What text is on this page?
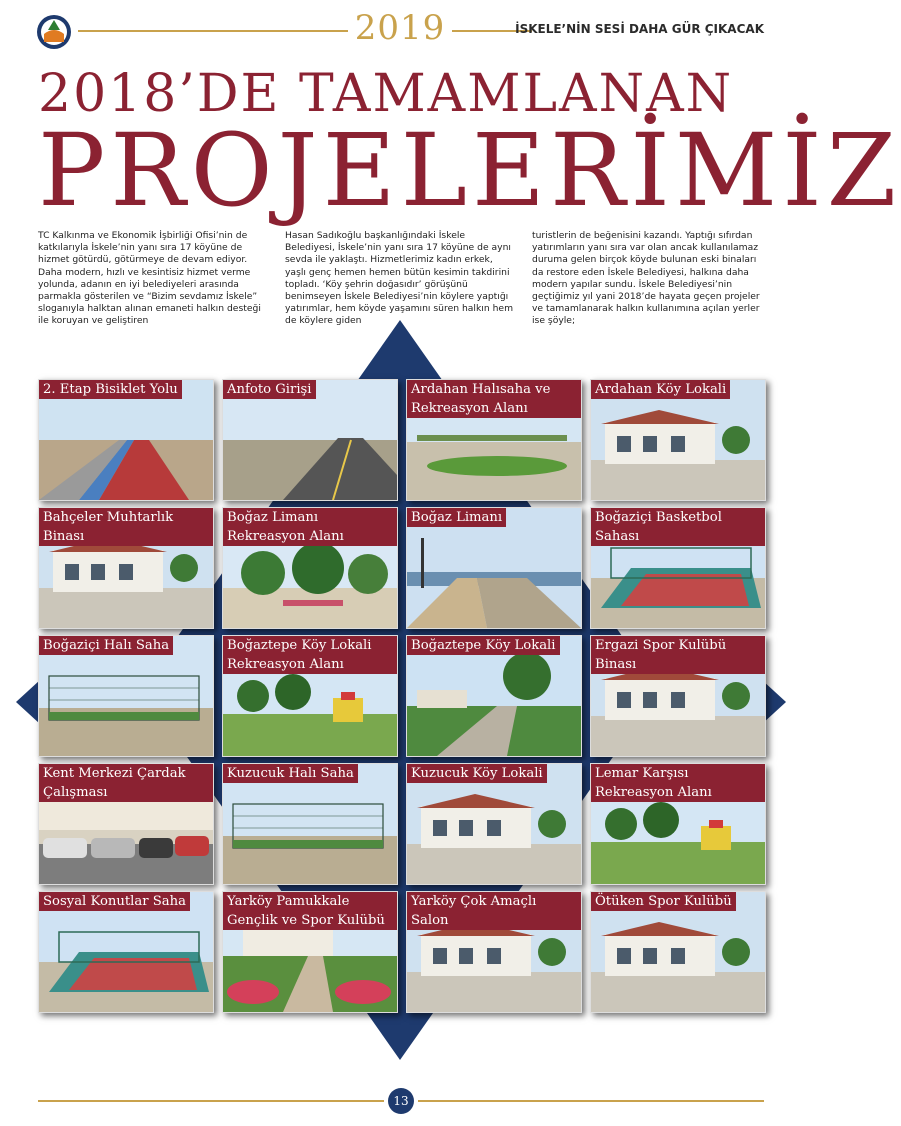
2019	İSKELE’NİN SESİ DAHA GÜR ÇIKACAK
2018’DE TAMAMLANAN
PROJELERİMİZ
TC Kalkınma ve Ekonomik İşbirliği Ofisi’nin de katkılarıyla İskele’nin yanı sıra 17 köyüne de hizmet götürdü, götürmeye de devam ediyor. Daha modern, hızlı ve kesintisiz hizmet verme yolunda, adanın en iyi belediyeleri arasında parmakla gösterilen ve “Bizim sevdamız İskele” sloganıyla halktan alınan emaneti halkın desteği ile koruyan ve geliştiren
Hasan Sadıkoğlu başkanlığındaki İskele Belediyesi, İskele’nin yanı sıra 17 köyüne de aynı sevda ile yaklaştı. Hizmetlerimiz kadın erkek, yaşlı genç hemen hemen bütün kesimin takdirini topladı. ‘Köy şehrin doğasıdır’ görüşünü benimseyen İskele Belediyesi’nin köylere yaptığı yatırımlar, hem köyde yaşamını süren halkın hem de köylere giden
turistlerin de beğenisini kazandı. Yaptığı sıfırdan yatırımların yanı sıra var olan ancak kullanılamaz duruma gelen birçok köyde bulunan eski binaları da restore eden İskele Belediyesi, halkına daha modern yapılar sundu. İskele Belediyesi’nin geçtiğimiz yıl yani 2018’de hayata geçen projeler ve tamamlanarak halkın kullanımına açılan yerler ise şöyle;
2. Etap Bisiklet Yolu	Anfoto Girişi	Ardahan Halısaha ve Rekreasyon Alanı
Ardahan Köy Lokali
Bahçeler Muhtarlık Binası
Boğaz Limanı Rekreasyon Alanı
Boğaz Limanı	Boğaziçi Basketbol Sahası
Boğaziçi Halı Saha	Boğaztepe Köy Lokali Rekreasyon Alanı
Boğaztepe Köy Lokali	Ergazi Spor Kulübü Binası
Kent Merkezi Çardak Çalışması
Kuzucuk Halı Saha	Kuzucuk Köy Lokali	Lemar Karşısı Rekreasyon Alanı
Sosyal Konutlar Saha	Yarköy Pamukkale Gençlik ve Spor Kulübü
Yarköy Çok Amaçlı Salon
Ötüken Spor Kulübü
13
